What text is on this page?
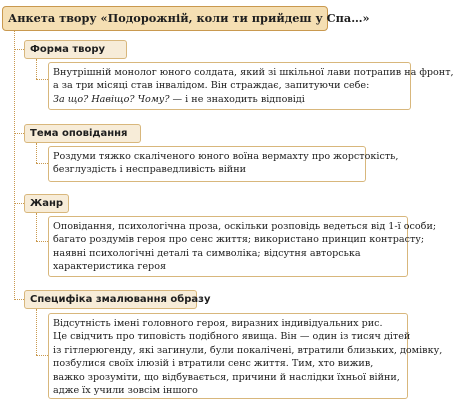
Анкета твору «Подорожній, коли ти прийдеш у Спа…»
Форма твору
Внутрішній монолог юного солдата, який зі шкільної лави потрапив на фронт,
а за три місяці став інвалідом. Він страждає, запитуючи себе:
За що? Навіщо? Чому? — і не знаходить відповіді
Тема оповідання
Роздуми тяжко скаліченого юного воїна вермахту про жорстокість,
безглуздість і несправедливість війни
Жанр
Оповідання, психологічна проза, оскільки розповідь ведеться від 1-ї особи;
багато роздумів героя про сенс життя; використано принцип контрасту;
наявні психологічні деталі та символіка; відсутня авторська
характеристика героя
Специфіка змалювання образу
Відсутність імені головного героя, виразних індивідуальних рис.
Це свідчить про типовість подібного явища. Він — один із тисяч дітей
із гітлерюгенду, які загинули, були покалічені, втратили близьких, домівку,
позбулися своїх ілюзій і втратили сенс життя. Тим, хто вижив,
важко зрозуміти, що відбувається, причини й наслідки їхньої війни,
адже їх учили зовсім іншого
